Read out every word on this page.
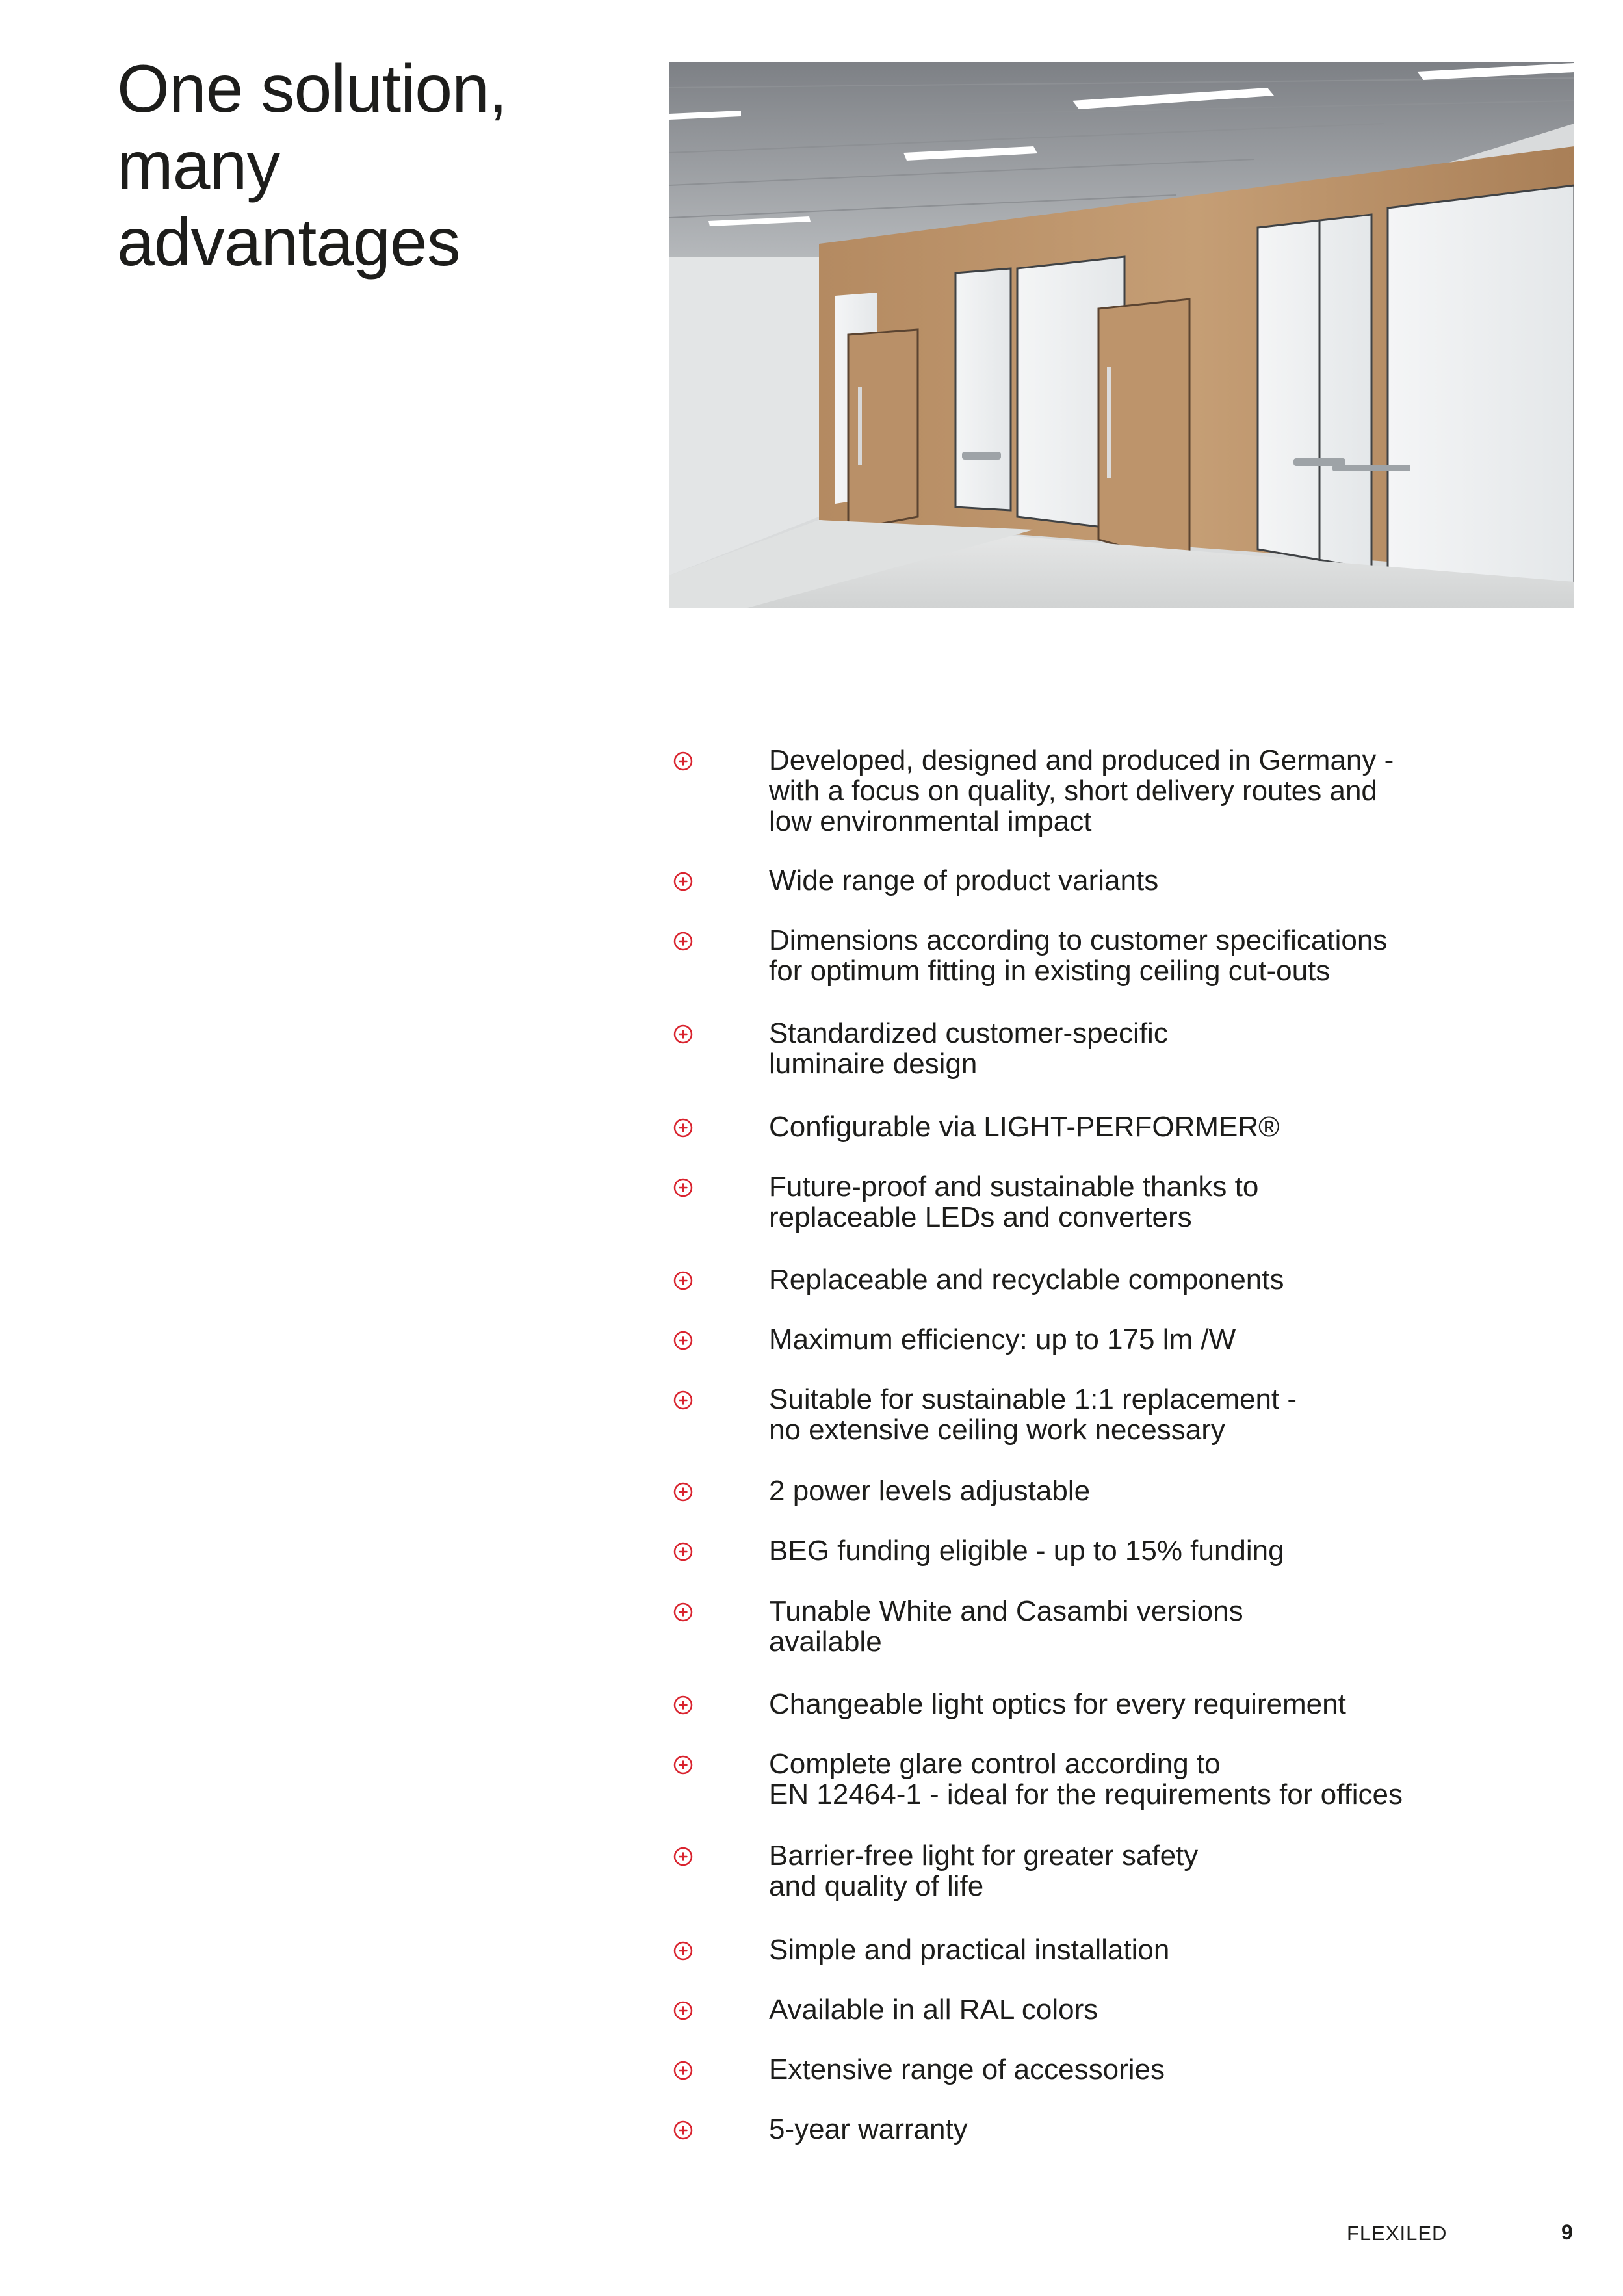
One solution,
many
advantages

Developed, designed and produced in Germany -
with a focus on quality, short delivery routes and
low environmental impact

Wide range of product variants

Dimensions according to customer specifications
for optimum fitting in existing ceiling cut-outs

Standardized customer-specific
luminaire design

Configurable via LIGHT-PERFORMER®

Future-proof and sustainable thanks to
replaceable LEDs and converters

Replaceable and recyclable components

Maximum efficiency: up to 175 lm /W

Suitable for sustainable 1:1 replacement -
no extensive ceiling work necessary

2 power levels adjustable

BEG funding eligible - up to 15% funding

Tunable White and Casambi versions
available

Changeable light optics for every requirement

Complete glare control according to
EN 12464-1 - ideal for the requirements for offices

Barrier-free light for greater safety
and quality of life

Simple and practical installation

Available in all RAL colors

Extensive range of accessories

5-year warranty

FLEXILED	9
